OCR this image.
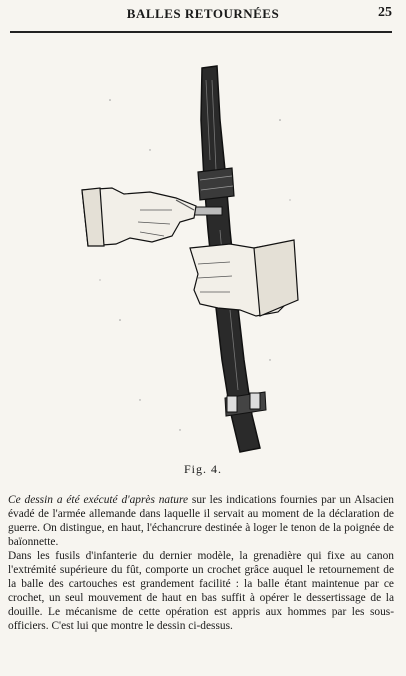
BALLES RETOURNÉES	25
Fig. 4.

Ce dessin a été exécuté d'après nature sur les indications fournies par un Alsacien évadé de l'armée allemande dans laquelle il servait au moment de la déclaration de guerre. On distingue, en haut, l'échancrure destinée à loger le tenon de la poignée de baïonnette.

Dans les fusils d'infanterie du dernier modèle, la grenadière qui fixe au canon l'extrémité supérieure du fût, comporte un crochet grâce auquel le retournement de la balle des cartouches est grandement facilité : la balle étant maintenue par ce crochet, un seul mouvement de haut en bas suffit à opérer le dessertissage de la douille. Le mécanisme de cette opération est appris aux hommes par les sous-officiers. C'est lui que montre le dessin ci-dessus.
